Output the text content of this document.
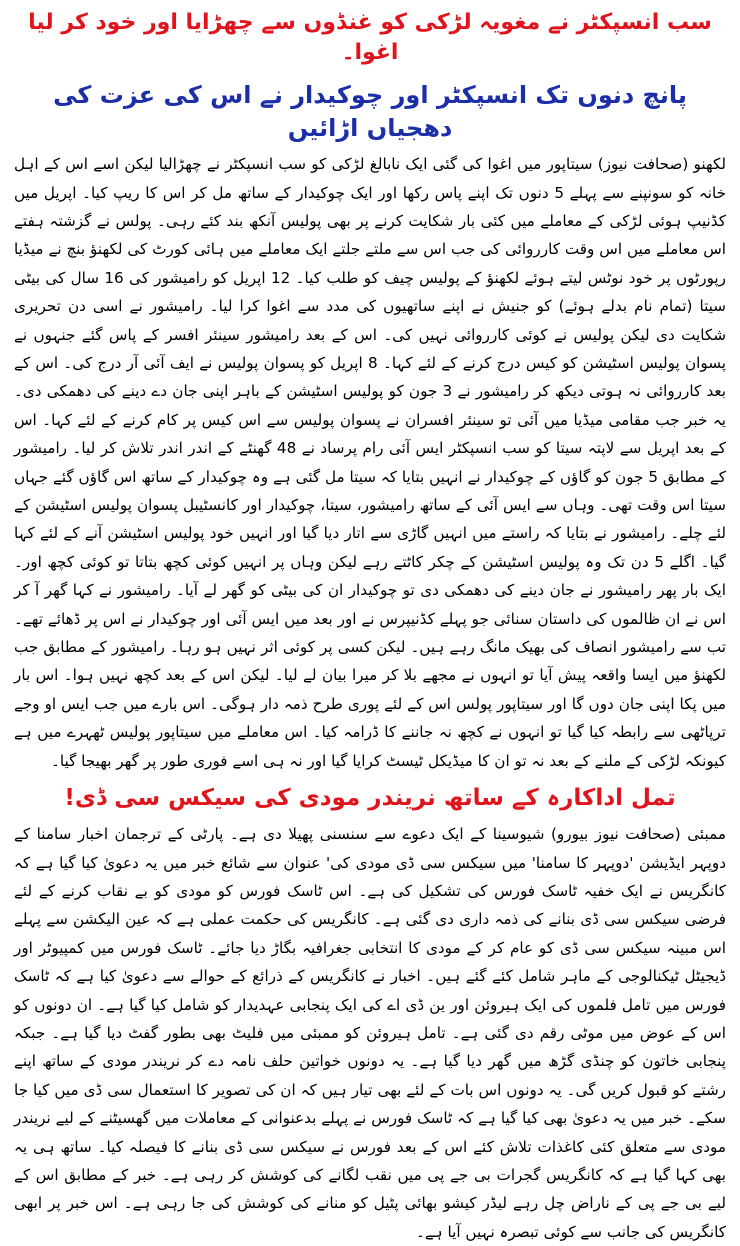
سب انسپکٹر نے مغویہ لڑکی کو غنڈوں سے چھڑایا اور خود کر لیا اغوا۔
پانچ دنوں تک انسپکٹر اور چوکیدار نے اس کی عزت کی دھجیاں اڑائیں

لکھنو (صحافت نیوز) سیتاپور میں اغوا کی گئی ایک نابالغ لڑکی کو سب انسپکٹر نے چھڑالیا لیکن اسے اس کے اہل خانہ کو سونپنے سے پہلے 5 دنوں تک اپنے پاس رکھا اور ایک چوکیدار کے ساتھ مل کر اس کا ریپ کیا۔ اپریل میں کڈنیپ ہوئی لڑکی کے معاملے میں کئی بار شکایت کرنے پر بھی پولیس آنکھ بند کئے رہی۔ پولس نے گزشتہ ہفتے اس معاملے میں اس وقت کارروائی کی جب اس سے ملتے جلتے ایک معاملے میں ہائی کورٹ کی لکھنؤ بنچ نے میڈیا رپورٹوں پر خود نوٹس لیتے ہوئے لکھنؤ کے پولیس چیف کو طلب کیا۔ 12 اپریل کو رامیشور کی 16 سال کی بیٹی سیتا (تمام نام بدلے ہوئے) کو جنیش نے اپنے ساتھیوں کی مدد سے اغوا کرا لیا۔ رامیشور نے اسی دن تحریری شکایت دی لیکن پولیس نے کوئی کارروائی نہیں کی۔ اس کے بعد رامیشور سینئر افسر کے پاس گئے جنہوں نے پسوان پولیس اسٹیشن کو کیس درج کرنے کے لئے کہا۔ 8 اپریل کو پسوان پولیس نے ایف آئی آر درج کی۔ اس کے بعد کارروائی نہ ہوتی دیکھ کر رامیشور نے 3 جون کو پولیس اسٹیشن کے باہر اپنی جان دے دینے کی دھمکی دی۔ یہ خبر جب مقامی میڈیا میں آئی تو سینئر افسران نے پسوان پولیس سے اس کیس پر کام کرنے کے لئے کہا۔ اس کے بعد اپریل سے لاپتہ سیتا کو سب انسپکٹر ایس آئی رام پرساد نے 48 گھنٹے کے اندر اندر تلاش کر لیا۔ رامیشور کے مطابق 5 جون کو گاؤں کے چوکیدار نے انہیں بتایا کہ سیتا مل گئی ہے وہ چوکیدار کے ساتھ اس گاؤں گئے جہاں سیتا اس وقت تھی۔ وہاں سے ایس آئی کے ساتھ رامیشور، سیتا، چوکیدار اور کانسٹیبل پسوان پولیس اسٹیشن کے لئے چلے۔ رامیشور نے بتایا کہ راستے میں انہیں گاڑی سے اتار دیا گیا اور انہیں خود پولیس اسٹیشن آنے کے لئے کہا گیا۔ اگلے 5 دن تک وہ پولیس اسٹیشن کے چکر کاٹتے رہے لیکن وہاں پر انہیں کوئی کچھ بتاتا تو کوئی کچھ اور۔ ایک بار پھر رامیشور نے جان دینے کی دھمکی دی تو چوکیدار ان کی بیٹی کو گھر لے آیا۔ رامیشور نے کہا گھر آ کر اس نے ان ظالموں کی داستان سنائی جو پہلے کڈنیپرس نے اور بعد میں ایس آئی اور چوکیدار نے اس پر ڈھائے تھے۔ تب سے رامیشور انصاف کی بھیک مانگ رہے ہیں۔ لیکن کسی پر کوئی اثر نہیں ہو رہا۔ رامیشور کے مطابق جب لکھنؤ میں ایسا واقعہ پیش آیا تو انہوں نے مجھے بلا کر میرا بیان لے لیا۔ لیکن اس کے بعد کچھ نہیں ہوا۔ اس بار میں پکا اپنی جان دوں گا اور سیتاپور پولس اس کے لئے پوری طرح ذمہ دار ہوگی۔ اس بارے میں جب ایس او وجے ترپاٹھی سے رابطہ کیا گیا تو انہوں نے کچھ نہ جاننے کا ڈرامہ کیا۔ اس معاملے میں سیتاپور پولیس ٹھہرے میں ہے کیونکہ لڑکی کے ملنے کے بعد نہ تو ان کا میڈیکل ٹیسٹ کرایا گیا اور نہ ہی اسے فوری طور پر گھر بھیجا گیا۔

تمل اداکارہ کے ساتھ نریندر مودی کی سیکس سی ڈی!

ممبئی (صحافت نیوز بیورو) شیوسینا کے ایک دعوے سے سنسنی پھیلا دی ہے۔ پارٹی کے ترجمان اخبار سامنا کے دوپہر ایڈیشن 'دوپہر کا سامنا' میں سیکس سی ڈی مودی کی' عنوان سے شائع خبر میں یہ دعویٰ کیا گیا ہے کہ کانگریس نے ایک خفیہ ٹاسک فورس کی تشکیل کی ہے۔ اس ٹاسک فورس کو مودی کو بے نقاب کرنے کے لئے فرضی سیکس سی ڈی بنانے کی ذمہ داری دی گئی ہے۔ کانگریس کی حکمت عملی ہے کہ عین الیکشن سے پہلے اس مبینہ سیکس سی ڈی کو عام کر کے مودی کا انتخابی جغرافیہ بگاڑ دیا جائے۔ ٹاسک فورس میں کمپیوٹر اور ڈیجیٹل ٹیکنالوجی کے ماہر شامل کئے گئے ہیں۔ اخبار نے کانگریس کے ذرائع کے حوالے سے دعویٰ کیا ہے کہ ٹاسک فورس میں تامل فلموں کی ایک ہیروئن اور ین ڈی اے کی ایک پنجابی عہدیدار کو شامل کیا گیا ہے۔ ان دونوں کو اس کے عوض میں موٹی رقم دی گئی ہے۔ تامل ہیروئن کو ممبئی میں فلیٹ بھی بطور گفٹ دیا گیا ہے۔ جبکہ پنجابی خاتون کو چنڈی گڑھ میں گھر دیا گیا ہے۔ یہ دونوں خواتین حلف نامہ دے کر نریندر مودی کے ساتھ اپنے رشتے کو قبول کریں گی۔ یہ دونوں اس بات کے لئے بھی تیار ہیں کہ ان کی تصویر کا استعمال سی ڈی میں کیا جا سکے۔ خبر میں یہ دعویٰ بھی کیا گیا ہے کہ ٹاسک فورس نے پہلے بدعنوانی کے معاملات میں گھسیٹنے کے لیے نریندر مودی سے متعلق کئی کاغذات تلاش کئے اس کے بعد فورس نے سیکس سی ڈی بنانے کا فیصلہ کیا۔ ساتھ ہی یہ بھی کہا گیا ہے کہ کانگریس گجرات بی جے پی میں نقب لگانے کی کوشش کر رہی ہے۔ خبر کے مطابق اس کے لیے بی جے پی کے ناراض چل رہے لیڈر کیشو بھائی پٹیل کو منانے کی کوشش کی جا رہی ہے۔ اس خبر پر ابھی کانگریس کی جانب سے کوئی تبصرہ نہیں آیا ہے۔
